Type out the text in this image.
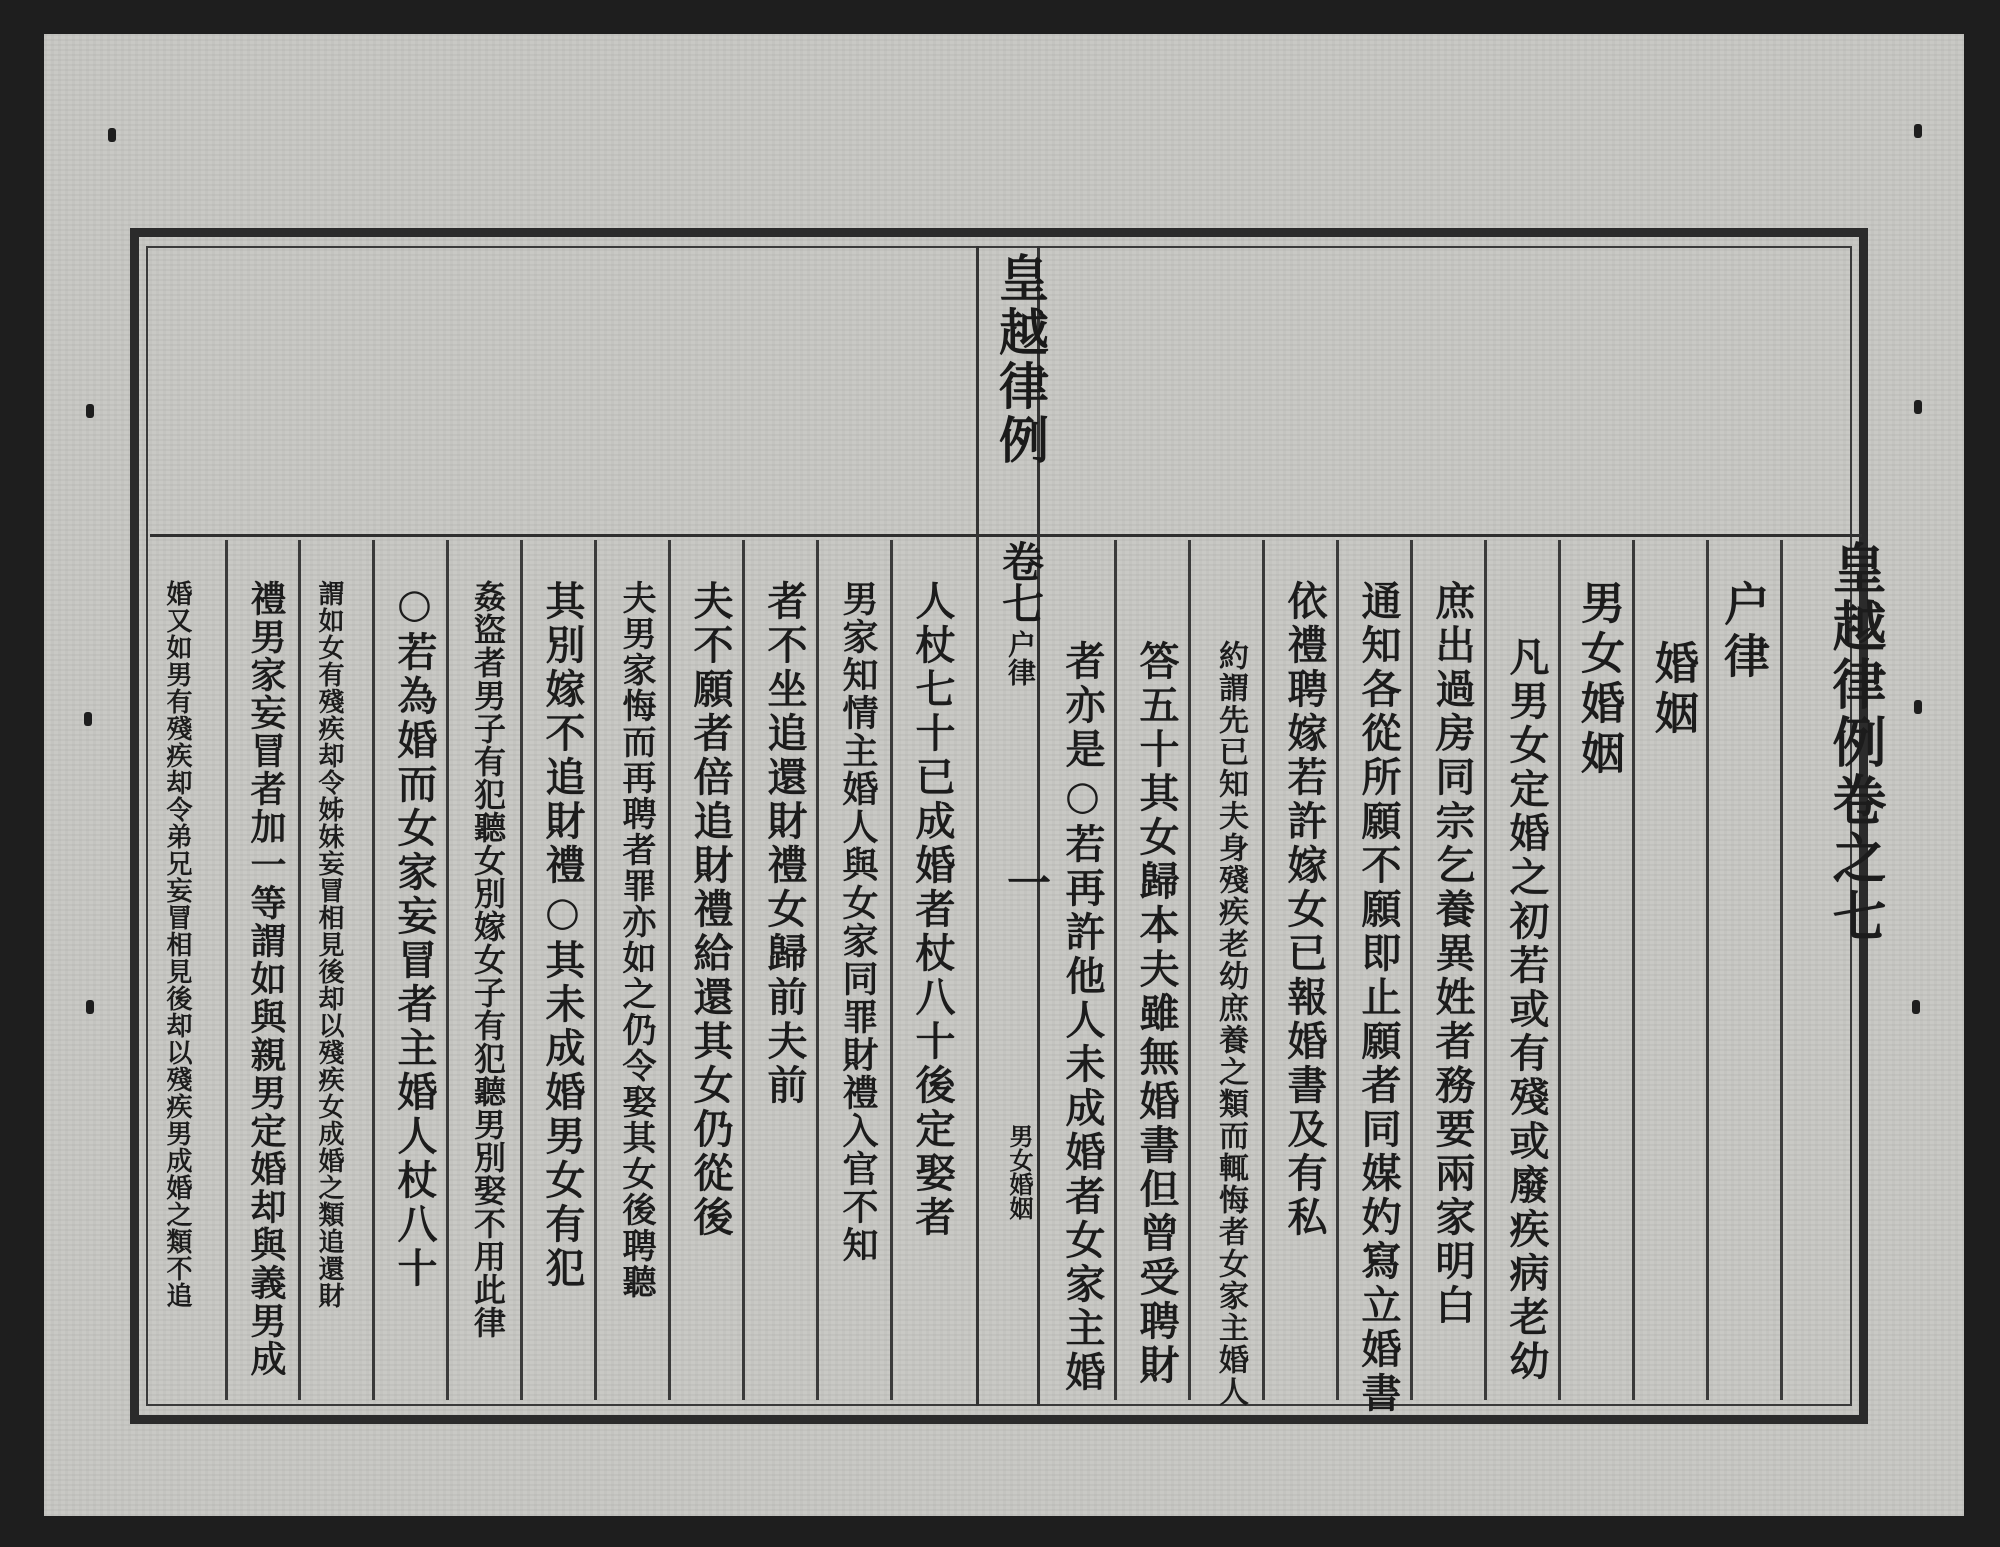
皇越律例
卷七
户律
一
男女婚姻
皇越律例卷之七
户律
婚姻
男女婚姻
凡男女定婚之初若或有殘或廢疾病老幼
庶出過房同宗乞養異姓者務要兩家明白
通知各從所願不願即止願者同媒妁寫立婚書
依禮聘嫁若許嫁女已報婚書及有私
約謂先已知夫身殘疾老幼庶養之類而輒悔者女家主婚人
答五十其女歸本夫雖無婚書但曾受聘財
者亦是○若再許他人未成婚者女家主婚
人杖七十已成婚者杖八十後定娶者
男家知情主婚人與女家同罪財禮入官不知
者不坐追還財禮女歸前夫前
夫不願者倍追財禮給還其女仍從後
夫男家悔而再聘者罪亦如之仍令娶其女後聘聽
其別嫁不追財禮○其未成婚男女有犯
姦盜者男子有犯聽女別嫁女子有犯聽男別娶不用此律
○若為婚而女家妄冒者主婚人杖八十
謂如女有殘疾却令姊妹妄冒相見後却以殘疾女成婚之類追還財
禮男家妄冒者加一等謂如與親男定婚却與義男成
婚又如男有殘疾却令弟兄妄冒相見後却以殘疾男成婚之類不追
